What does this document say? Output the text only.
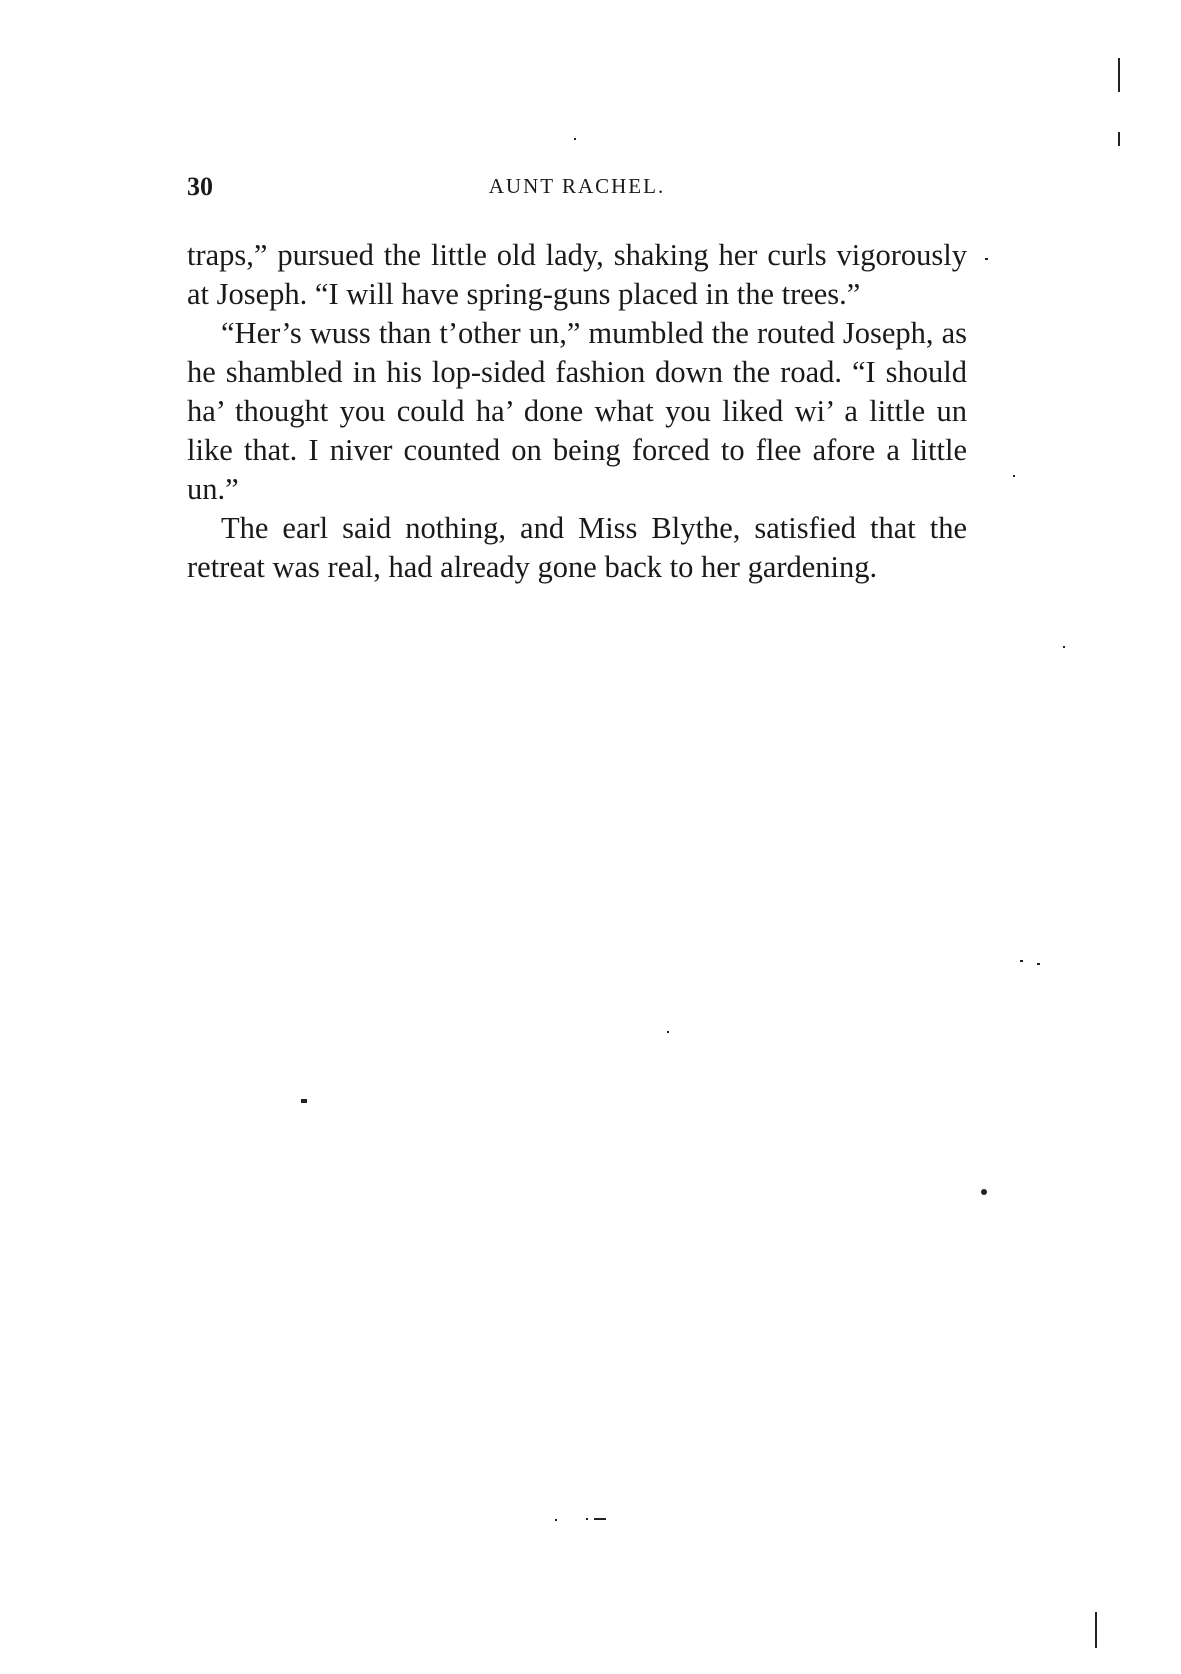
30	AUNT RACHEL.

traps,” pursued the little old lady, shaking her curls vigorously at Joseph. “I will have spring-guns placed in the trees.”

“Her’s wuss than t’other un,” mumbled the routed Joseph, as he shambled in his lop-sided fashion down the road. “I should ha’ thought you could ha’ done what you liked wi’ a little un like that. I niver counted on being forced to flee afore a little un.”

The earl said nothing, and Miss Blythe, satisfied that the retreat was real, had already gone back to her gardening.
